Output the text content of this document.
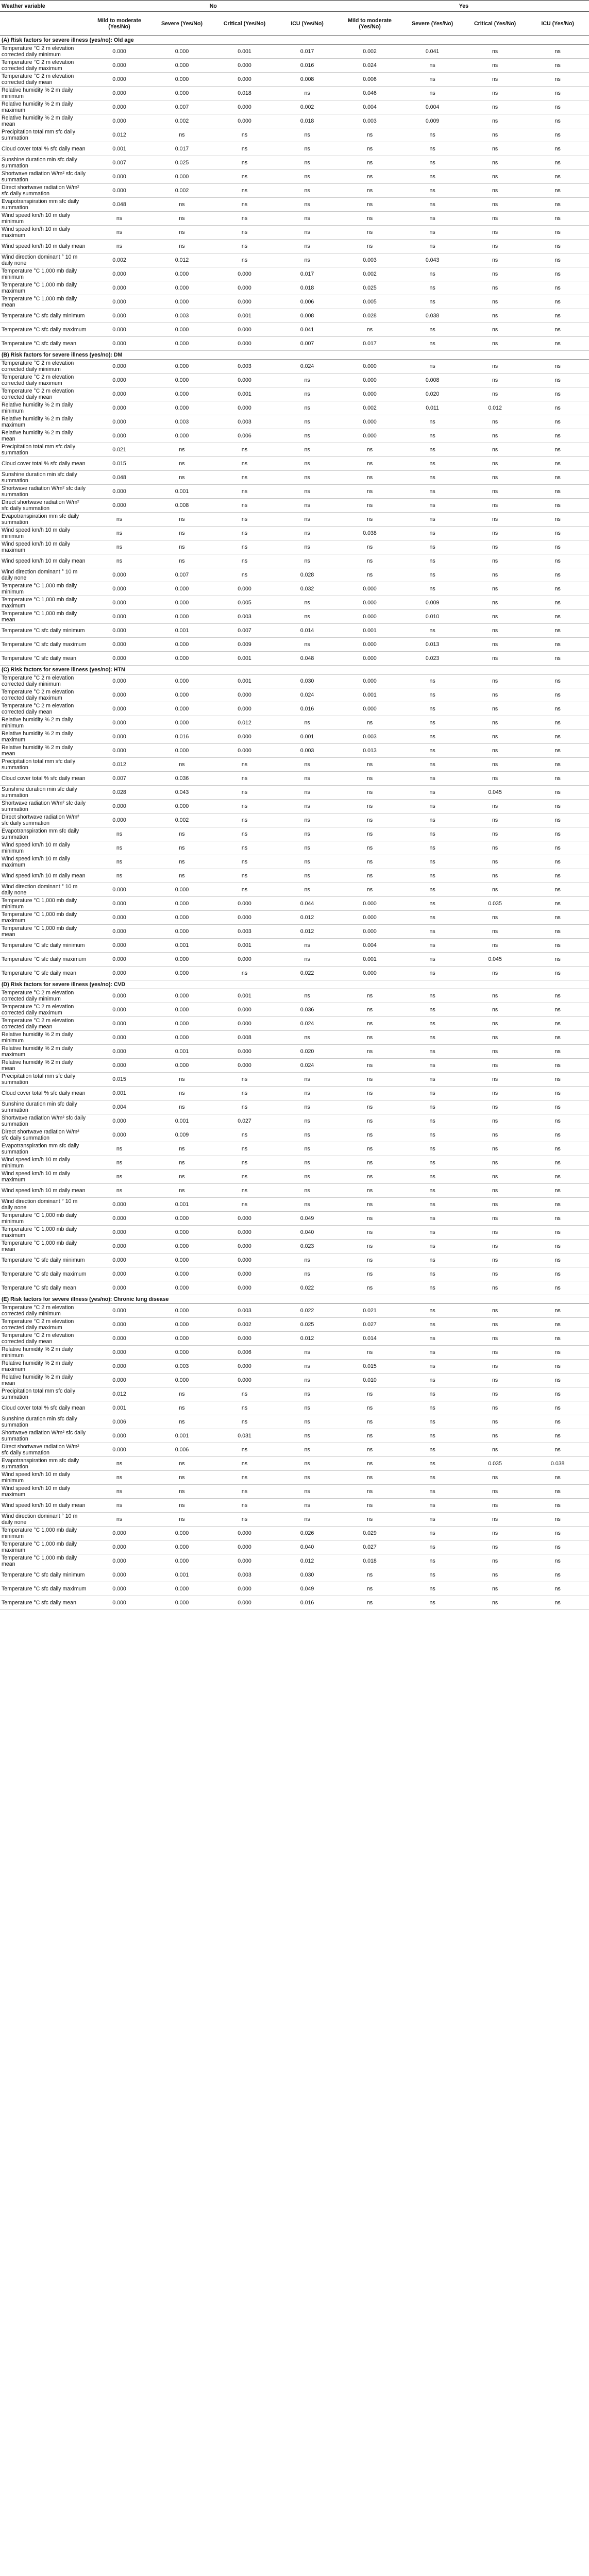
Weather variable	No				Yes			
	Mild to moderate (Yes/No)	Severe (Yes/No)	Critical (Yes/No)	ICU (Yes/No)	Mild to moderate (Yes/No)	Severe (Yes/No)	Critical (Yes/No)	ICU (Yes/No)
(A) Risk factors for severe illness (yes/no): Old age								
Temperature °C 2 m elevation corrected daily minimum	0.000	0.000	0.001	0.017	0.002	0.041	ns	ns
Temperature °C 2 m elevation corrected daily maximum	0.000	0.000	0.000	0.016	0.024	ns	ns	ns
Temperature °C 2 m elevation corrected daily mean	0.000	0.000	0.000	0.008	0.006	ns	ns	ns
Relative humidity % 2 m daily minimum	0.000	0.000	0.018	ns	0.046	ns	ns	ns
Relative humidity % 2 m daily maximum	0.000	0.007	0.000	0.002	0.004	0.004	ns	ns
Relative humidity % 2 m daily mean	0.000	0.002	0.000	0.018	0.003	0.009	ns	ns
Precipitation total mm sfc daily summation	0.012	ns	ns	ns	ns	ns	ns	ns
Cloud cover total % sfc daily mean	0.001	0.017	ns	ns	ns	ns	ns	ns
Sunshine duration min sfc daily summation	0.007	0.025	ns	ns	ns	ns	ns	ns
Shortwave radiation W/m² sfc daily summation	0.000	0.000	ns	ns	ns	ns	ns	ns
Direct shortwave radiation W/m² sfc daily summation	0.000	0.002	ns	ns	ns	ns	ns	ns
Evapotranspiration mm sfc daily summation	0.048	ns	ns	ns	ns	ns	ns	ns
Wind speed km/h 10 m daily minimum	ns	ns	ns	ns	ns	ns	ns	ns
Wind speed km/h 10 m daily maximum	ns	ns	ns	ns	ns	ns	ns	ns
Wind speed km/h 10 m daily mean	ns	ns	ns	ns	ns	ns	ns	ns
Wind direction dominant ° 10 m daily none	0.002	0.012	ns	ns	0.003	0.043	ns	ns
Temperature °C 1,000 mb daily minimum	0.000	0.000	0.000	0.017	0.002	ns	ns	ns
Temperature °C 1,000 mb daily maximum	0.000	0.000	0.000	0.018	0.025	ns	ns	ns
Temperature °C 1,000 mb daily mean	0.000	0.000	0.000	0.006	0.005	ns	ns	ns
Temperature °C sfc daily minimum	0.000	0.003	0.001	0.008	0.028	0.038	ns	ns
Temperature °C sfc daily maximum	0.000	0.000	0.000	0.041	ns	ns	ns	ns
Temperature °C sfc daily mean	0.000	0.000	0.000	0.007	0.017	ns	ns	ns
(B) Risk factors for severe illness (yes/no): DM								
Temperature °C 2 m elevation corrected daily minimum	0.000	0.000	0.003	0.024	0.000	ns	ns	ns
Temperature °C 2 m elevation corrected daily maximum	0.000	0.000	0.000	ns	0.000	0.008	ns	ns
Temperature °C 2 m elevation corrected daily mean	0.000	0.000	0.001	ns	0.000	0.020	ns	ns
Relative humidity % 2 m daily minimum	0.000	0.000	0.000	ns	0.002	0.011	0.012	ns
Relative humidity % 2 m daily maximum	0.000	0.003	0.003	ns	0.000	ns	ns	ns
Relative humidity % 2 m daily mean	0.000	0.000	0.006	ns	0.000	ns	ns	ns
Precipitation total mm sfc daily summation	0.021	ns	ns	ns	ns	ns	ns	ns
Cloud cover total % sfc daily mean	0.015	ns	ns	ns	ns	ns	ns	ns
Sunshine duration min sfc daily summation	0.048	ns	ns	ns	ns	ns	ns	ns
Shortwave radiation W/m² sfc daily summation	0.000	0.001	ns	ns	ns	ns	ns	ns
Direct shortwave radiation W/m² sfc daily summation	0.000	0.008	ns	ns	ns	ns	ns	ns
Evapotranspiration mm sfc daily summation	ns	ns	ns	ns	ns	ns	ns	ns
Wind speed km/h 10 m daily minimum	ns	ns	ns	ns	0.038	ns	ns	ns
Wind speed km/h 10 m daily maximum	ns	ns	ns	ns	ns	ns	ns	ns
Wind speed km/h 10 m daily mean	ns	ns	ns	ns	ns	ns	ns	ns
Wind direction dominant ° 10 m daily none	0.000	0.007	ns	0.028	ns	ns	ns	ns
Temperature °C 1,000 mb daily minimum	0.000	0.000	0.000	0.032	0.000	ns	ns	ns
Temperature °C 1,000 mb daily maximum	0.000	0.000	0.005	ns	0.000	0.009	ns	ns
Temperature °C 1,000 mb daily mean	0.000	0.000	0.003	ns	0.000	0.010	ns	ns
Temperature °C sfc daily minimum	0.000	0.001	0.007	0.014	0.001	ns	ns	ns
Temperature °C sfc daily maximum	0.000	0.000	0.009	ns	0.000	0.013	ns	ns
Temperature °C sfc daily mean	0.000	0.000	0.001	0.048	0.000	0.023	ns	ns
(C) Risk factors for severe illness (yes/no): HTN								
Temperature °C 2 m elevation corrected daily minimum	0.000	0.000	0.001	0.030	0.000	ns	ns	ns
Temperature °C 2 m elevation corrected daily maximum	0.000	0.000	0.000	0.024	0.001	ns	ns	ns
Temperature °C 2 m elevation corrected daily mean	0.000	0.000	0.000	0.016	0.000	ns	ns	ns
Relative humidity % 2 m daily minimum	0.000	0.000	0.012	ns	ns	ns	ns	ns
Relative humidity % 2 m daily maximum	0.000	0.016	0.000	0.001	0.003	ns	ns	ns
Relative humidity % 2 m daily mean	0.000	0.000	0.000	0.003	0.013	ns	ns	ns
Precipitation total mm sfc daily summation	0.012	ns	ns	ns	ns	ns	ns	ns
Cloud cover total % sfc daily mean	0.007	0.036	ns	ns	ns	ns	ns	ns
Sunshine duration min sfc daily summation	0.028	0.043	ns	ns	ns	ns	0.045	ns
Shortwave radiation W/m² sfc daily summation	0.000	0.000	ns	ns	ns	ns	ns	ns
Direct shortwave radiation W/m² sfc daily summation	0.000	0.002	ns	ns	ns	ns	ns	ns
Evapotranspiration mm sfc daily summation	ns	ns	ns	ns	ns	ns	ns	ns
Wind speed km/h 10 m daily minimum	ns	ns	ns	ns	ns	ns	ns	ns
Wind speed km/h 10 m daily maximum	ns	ns	ns	ns	ns	ns	ns	ns
Wind speed km/h 10 m daily mean	ns	ns	ns	ns	ns	ns	ns	ns
Wind direction dominant ° 10 m daily none	0.000	0.000	ns	ns	ns	ns	ns	ns
Temperature °C 1,000 mb daily minimum	0.000	0.000	0.000	0.044	0.000	ns	0.035	ns
Temperature °C 1,000 mb daily maximum	0.000	0.000	0.000	0.012	0.000	ns	ns	ns
Temperature °C 1,000 mb daily mean	0.000	0.000	0.003	0.012	0.000	ns	ns	ns
Temperature °C sfc daily minimum	0.000	0.001	0.001	ns	0.004	ns	ns	ns
Temperature °C sfc daily maximum	0.000	0.000	0.000	ns	0.001	ns	0.045	ns
Temperature °C sfc daily mean	0.000	0.000	ns	0.022	0.000	ns	ns	ns
(D) Risk factors for severe illness (yes/no): CVD								
Temperature °C 2 m elevation corrected daily minimum	0.000	0.000	0.001	ns	ns	ns	ns	ns
Temperature °C 2 m elevation corrected daily maximum	0.000	0.000	0.000	0.036	ns	ns	ns	ns
Temperature °C 2 m elevation corrected daily mean	0.000	0.000	0.000	0.024	ns	ns	ns	ns
Relative humidity % 2 m daily minimum	0.000	0.000	0.008	ns	ns	ns	ns	ns
Relative humidity % 2 m daily maximum	0.000	0.001	0.000	0.020	ns	ns	ns	ns
Relative humidity % 2 m daily mean	0.000	0.000	0.000	0.024	ns	ns	ns	ns
Precipitation total mm sfc daily summation	0.015	ns	ns	ns	ns	ns	ns	ns
Cloud cover total % sfc daily mean	0.001	ns	ns	ns	ns	ns	ns	ns
Sunshine duration min sfc daily summation	0.004	ns	ns	ns	ns	ns	ns	ns
Shortwave radiation W/m² sfc daily summation	0.000	0.001	0.027	ns	ns	ns	ns	ns
Direct shortwave radiation W/m² sfc daily summation	0.000	0.009	ns	ns	ns	ns	ns	ns
Evapotranspiration mm sfc daily summation	ns	ns	ns	ns	ns	ns	ns	ns
Wind speed km/h 10 m daily minimum	ns	ns	ns	ns	ns	ns	ns	ns
Wind speed km/h 10 m daily maximum	ns	ns	ns	ns	ns	ns	ns	ns
Wind speed km/h 10 m daily mean	ns	ns	ns	ns	ns	ns	ns	ns
Wind direction dominant ° 10 m daily none	0.000	0.001	ns	ns	ns	ns	ns	ns
Temperature °C 1,000 mb daily minimum	0.000	0.000	0.000	0.049	ns	ns	ns	ns
Temperature °C 1,000 mb daily maximum	0.000	0.000	0.000	0.040	ns	ns	ns	ns
Temperature °C 1,000 mb daily mean	0.000	0.000	0.000	0.023	ns	ns	ns	ns
Temperature °C sfc daily minimum	0.000	0.000	0.000	ns	ns	ns	ns	ns
Temperature °C sfc daily maximum	0.000	0.000	0.000	ns	ns	ns	ns	ns
Temperature °C sfc daily mean	0.000	0.000	0.000	0.022	ns	ns	ns	ns
(E) Risk factors for severe illness (yes/no): Chronic lung disease								
Temperature °C 2 m elevation corrected daily minimum	0.000	0.000	0.003	0.022	0.021	ns	ns	ns
Temperature °C 2 m elevation corrected daily maximum	0.000	0.000	0.002	0.025	0.027	ns	ns	ns
Temperature °C 2 m elevation corrected daily mean	0.000	0.000	0.000	0.012	0.014	ns	ns	ns
Relative humidity % 2 m daily minimum	0.000	0.000	0.006	ns	ns	ns	ns	ns
Relative humidity % 2 m daily maximum	0.000	0.003	0.000	ns	0.015	ns	ns	ns
Relative humidity % 2 m daily mean	0.000	0.000	0.000	ns	0.010	ns	ns	ns
Precipitation total mm sfc daily summation	0.012	ns	ns	ns	ns	ns	ns	ns
Cloud cover total % sfc daily mean	0.001	ns	ns	ns	ns	ns	ns	ns
Sunshine duration min sfc daily summation	0.006	ns	ns	ns	ns	ns	ns	ns
Shortwave radiation W/m² sfc daily summation	0.000	0.001	0.031	ns	ns	ns	ns	ns
Direct shortwave radiation W/m² sfc daily summation	0.000	0.006	ns	ns	ns	ns	ns	ns
Evapotranspiration mm sfc daily summation	ns	ns	ns	ns	ns	ns	0.035	0.038
Wind speed km/h 10 m daily minimum	ns	ns	ns	ns	ns	ns	ns	ns
Wind speed km/h 10 m daily maximum	ns	ns	ns	ns	ns	ns	ns	ns
Wind speed km/h 10 m daily mean	ns	ns	ns	ns	ns	ns	ns	ns
Wind direction dominant ° 10 m daily none	ns	ns	ns	ns	ns	ns	ns	ns
Temperature °C 1,000 mb daily minimum	0.000	0.000	0.000	0.026	0.029	ns	ns	ns
Temperature °C 1,000 mb daily maximum	0.000	0.000	0.000	0.040	0.027	ns	ns	ns
Temperature °C 1,000 mb daily mean	0.000	0.000	0.000	0.012	0.018	ns	ns	ns
Temperature °C sfc daily minimum	0.000	0.001	0.003	0.030	ns	ns	ns	ns
Temperature °C sfc daily maximum	0.000	0.000	0.000	0.049	ns	ns	ns	ns
Temperature °C sfc daily mean	0.000	0.000	0.000	0.016	ns	ns	ns	ns
